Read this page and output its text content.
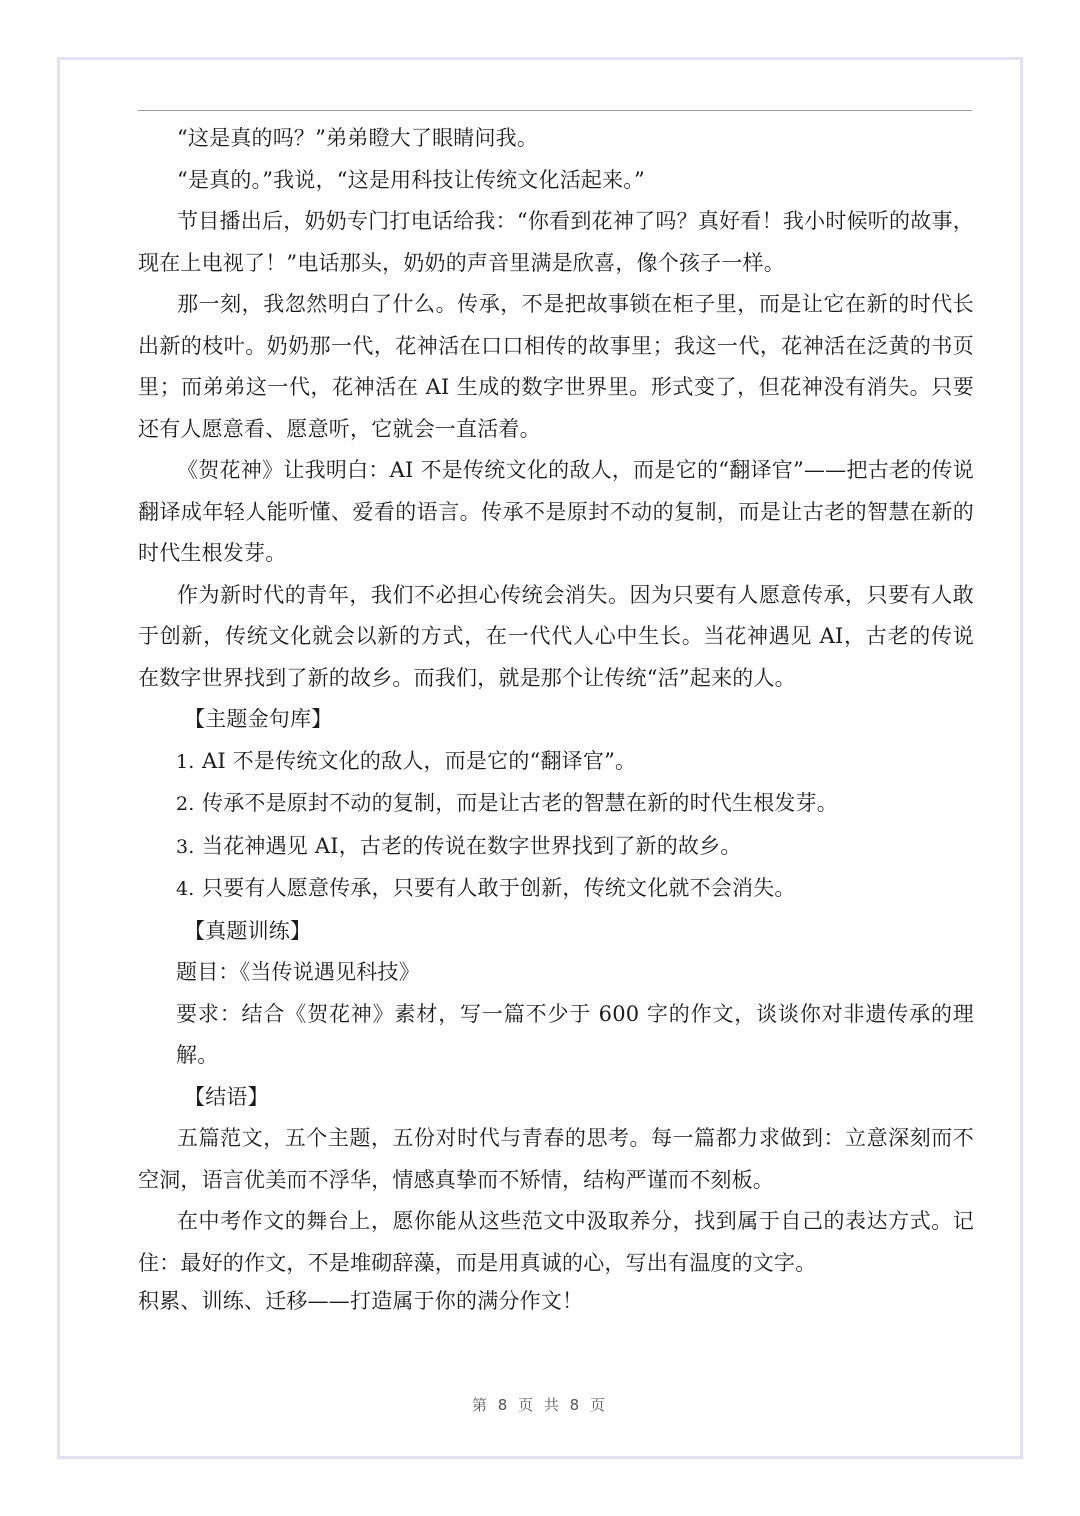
“这是真的吗？”弟弟瞪大了眼睛问我。

“是真的。”我说，“这是用科技让传统文化活起来。”

节目播出后，奶奶专门打电话给我：“你看到花神了吗？真好看！我小时候听的故事，现在上电视了！”电话那头，奶奶的声音里满是欣喜，像个孩子一样。

那一刻，我忽然明白了什么。传承，不是把故事锁在柜子里，而是让它在新的时代长出新的枝叶。奶奶那一代，花神活在口口相传的故事里；我这一代，花神活在泛黄的书页里；而弟弟这一代，花神活在 AI 生成的数字世界里。形式变了，但花神没有消失。只要还有人愿意看、愿意听，它就会一直活着。

《贺花神》让我明白：AI 不是传统文化的敌人，而是它的“翻译官”——把古老的传说翻译成年轻人能听懂、爱看的语言。传承不是原封不动的复制，而是让古老的智慧在新的时代生根发芽。

作为新时代的青年，我们不必担心传统会消失。因为只要有人愿意传承，只要有人敢于创新，传统文化就会以新的方式，在一代代人心中生长。当花神遇见 AI，古老的传说在数字世界找到了新的故乡。而我们，就是那个让传统“活”起来的人。

【主题金句库】

1. AI 不是传统文化的敌人，而是它的“翻译官”。

2. 传承不是原封不动的复制，而是让古老的智慧在新的时代生根发芽。

3. 当花神遇见 AI，古老的传说在数字世界找到了新的故乡。

4. 只要有人愿意传承，只要有人敢于创新，传统文化就不会消失。

【真题训练】

题目：《当传说遇见科技》

要求：结合《贺花神》素材，写一篇不少于 600 字的作文，谈谈你对非遗传承的理解。

【结语】

五篇范文，五个主题，五份对时代与青春的思考。每一篇都力求做到：立意深刻而不空洞，语言优美而不浮华，情感真挚而不矫情，结构严谨而不刻板。

在中考作文的舞台上，愿你能从这些范文中汲取养分，找到属于自己的表达方式。记住：最好的作文，不是堆砌辞藻，而是用真诚的心，写出有温度的文字。

积累、训练、迁移——打造属于你的满分作文！

第 8 页 共 8 页
